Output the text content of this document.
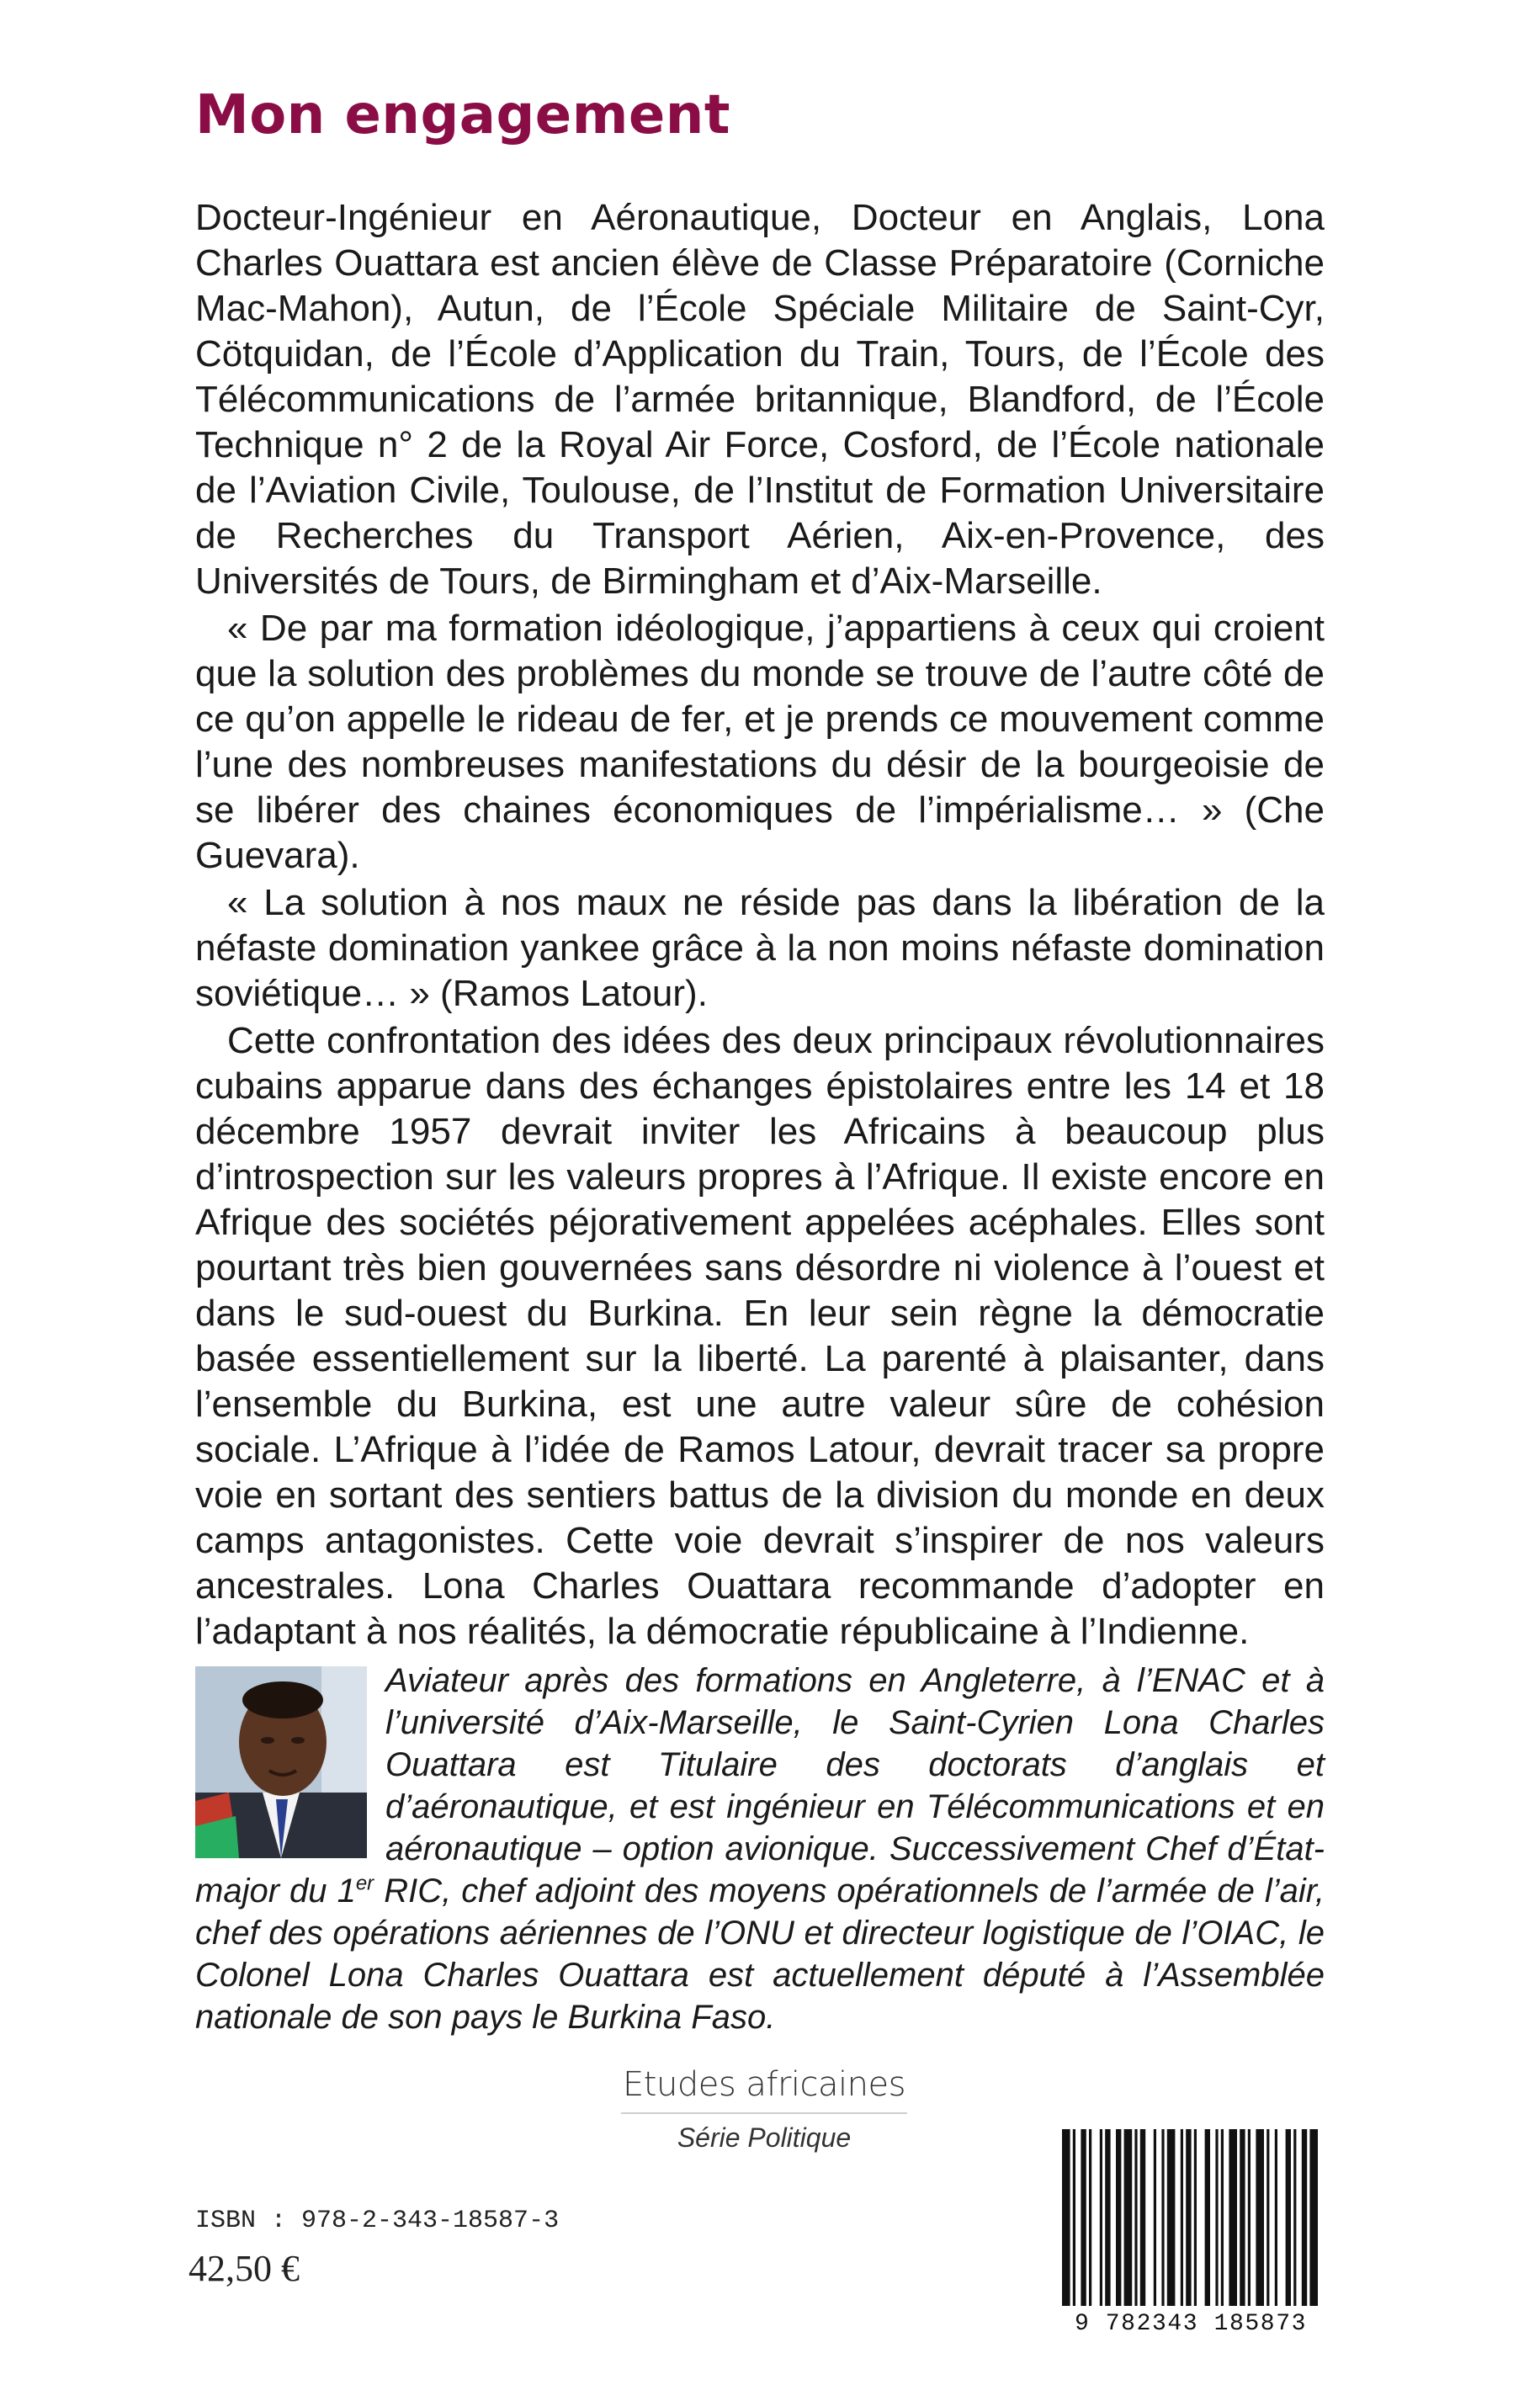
Mon engagement

Docteur-Ingénieur en Aéronautique, Docteur en Anglais, Lona Charles Ouattara est ancien élève de Classe Préparatoire (Corniche Mac-Mahon), Autun, de l’École Spéciale Militaire de Saint-Cyr, Cötquidan, de l’École d’Application du Train, Tours, de l’École des Télécommunications de l’armée britannique, Blandford, de l’École Technique n° 2 de la Royal Air Force, Cosford, de l’École nationale de l’Aviation Civile, Toulouse, de l’Institut de Formation Universitaire de Recherches du Transport Aérien, Aix-en-Provence, des Universités de Tours, de Birmingham et d’Aix-Marseille.

« De par ma formation idéologique, j’appartiens à ceux qui croient que la solution des problèmes du monde se trouve de l’autre côté de ce qu’on appelle le rideau de fer, et je prends ce mouvement comme l’une des nombreuses manifestations du désir de la bourgeoisie de se libérer des chaines économiques de l’impérialisme… » (Che Guevara).

« La solution à nos maux ne réside pas dans la libération de la néfaste domination yankee grâce à la non moins néfaste domination soviétique… » (Ramos Latour).

Cette confrontation des idées des deux principaux révolutionnaires cubains apparue dans des échanges épistolaires entre les 14 et 18 décembre 1957 devrait inviter les Africains à beaucoup plus d’introspection sur les valeurs propres à l’Afrique. Il existe encore en Afrique des sociétés péjorativement appelées acéphales. Elles sont pourtant très bien gouvernées sans désordre ni violence à l’ouest et dans le sud-ouest du Burkina. En leur sein règne la démocratie basée essentiellement sur la liberté. La parenté à plaisanter, dans l’ensemble du Burkina, est une autre valeur sûre de cohésion sociale. L’Afrique à l’idée de Ramos Latour, devrait tracer sa propre voie en sortant des sentiers battus de la division du monde en deux camps antagonistes. Cette voie devrait s’inspirer de nos valeurs ancestrales. Lona Charles Ouattara recommande d’adopter en l’adaptant à nos réalités, la démocratie républicaine à l’Indienne.

Aviateur après des formations en Angleterre, à l’ENAC et à l’université d’Aix-Marseille, le Saint-Cyrien Lona Charles Ouattara est Titulaire des doctorats d’anglais et d’aéronautique, et est ingénieur en Télécommunications et en aéronautique – option avionique. Successivement Chef d’État-major du 1er RIC, chef adjoint des moyens opérationnels de l’armée de l’air, chef des opérations aériennes de l’ONU et directeur logistique de l’OIAC, le Colonel Lona Charles Ouattara est actuellement député à l’Assemblée nationale de son pays le Burkina Faso.

Etudes africaines
Série Politique
ISBN : 978-2-343-18587-3
42,50 €
9 782343 185873
